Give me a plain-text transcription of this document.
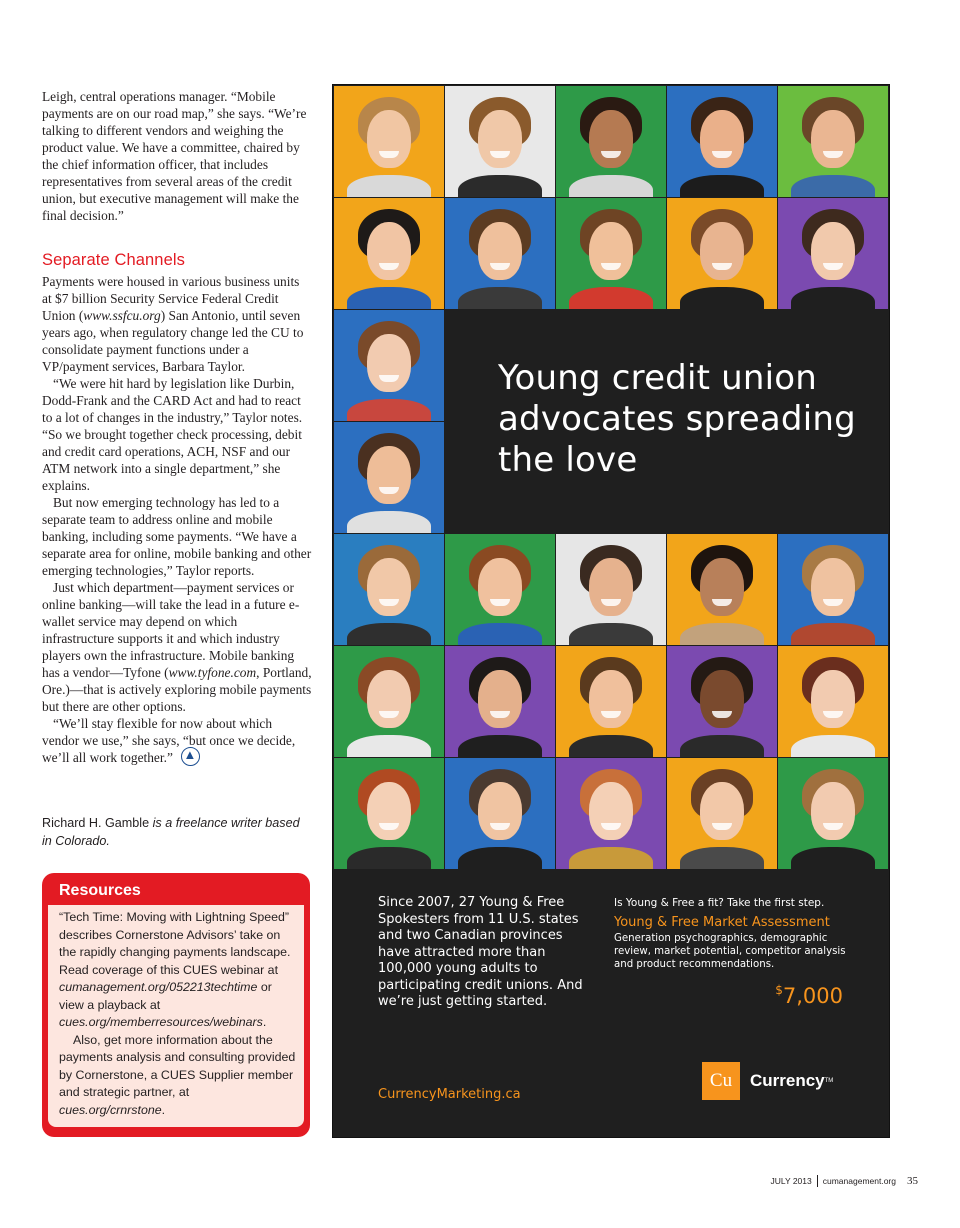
Leigh, central operations manager. “Mobile payments are on our road map,” she says. “We’re talking to different vendors and weighing the product value. We have a committee, chaired by the chief information officer, that includes representatives from several areas of the credit union, but executive management will make the final decision.”

Separate Channels

Payments were housed in various business units at $7 billion Security Service Federal Credit Union (www.ssfcu.org) San Antonio, until seven years ago, when regulatory change led the CU to consolidate payment functions under a VP/payment services, Barbara Taylor.

“We were hit hard by legislation like Durbin, Dodd-Frank and the CARD Act and had to react to a lot of changes in the industry,” Taylor notes. “So we brought together check processing, debit and credit card operations, ACH, NSF and our ATM network into a single department,” she explains.

But now emerging technology has led to a separate team to address online and mobile banking, including some payments. “We have a separate area for online, mobile banking and other emerging technologies,” Taylor reports.

Just which department—payment services or online banking—will take the lead in a future e-wallet service may depend on which infrastructure supports it and which industry players own the infrastructure. Mobile banking has a vendor—Tyfone (www.tyfone.com, Portland, Ore.)—that is actively exploring mobile payments but there are other options.

“We’ll stay flexible for now about which vendor we use,” she says, “but once we decide, we’ll all work together.”

Richard H. Gamble is a freelance writer based in Colorado.
Resources

“Tech Time: Moving with Lightning Speed” describes Cornerstone Advisors’ take on the rapidly changing payments landscape. Read coverage of this CUES webinar at cumanagement.org/052213techtime or view a playback at cues.org/memberresources/webinars.

Also, get more information about the payments analysis and consulting provided by Cornerstone, a CUES Supplier member and strategic partner, at cues.org/crnrstone.

Young credit union advocates spreading the love
Since 2007, 27 Young & Free Spokesters from 11 U.S. states and two Canadian provinces have attracted more than 100,000 young adults to participating credit unions. And we’re just getting started.
Is Young & Free a fit? Take the first step.
Young & Free Market Assessment
Generation psychographics, demographic review, market potential, competitor analysis and product recommendations.
$7,000
CurrencyMarketing.ca
Cu	Currency TM
JULY 2013 cumanagement.org 35
